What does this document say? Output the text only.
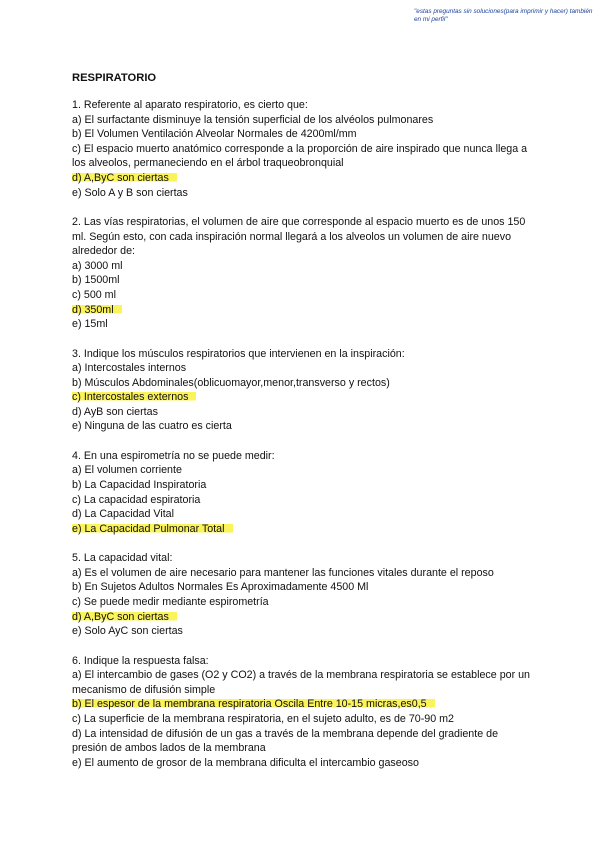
"estas preguntas sin soluciones(para imprimir y hacer) también en mi perfil"
RESPIRATORIO
1. Referente al aparato respiratorio, es cierto que:
a) El surfactante disminuye la tensión superficial de los alvéolos pulmonares
b) El Volumen Ventilación Alveolar Normales de 4200ml/mm
c) El espacio muerto anatómico corresponde a la proporción de aire inspirado que nunca llega a los alveolos, permaneciendo en el árbol traqueobronquial
d) A,ByC son ciertas
e) Solo A y B son ciertas
2. Las vías respiratorias, el volumen de aire que corresponde al espacio muerto es de unos 150 ml. Según esto, con cada inspiración normal llegará a los alveolos un volumen de aire nuevo alrededor de:
a) 3000 ml
b) 1500ml
c) 500 ml
d) 350ml
e) 15ml
3. Indique los músculos respiratorios que intervienen en la inspiración:
a) Intercostales internos
b) Músculos Abdominales(oblicuomayor,menor,transverso y rectos)
c) Intercostales externos
d) AyB son ciertas
e) Ninguna de las cuatro es cierta
4. En una espirometría no se puede medir:
a) El volumen corriente
b) La Capacidad Inspiratoria
c) La capacidad espiratoria
d) La Capacidad Vital
e) La Capacidad Pulmonar Total
5. La capacidad vital:
a) Es el volumen de aire necesario para mantener las funciones vitales durante el reposo
b) En Sujetos Adultos Normales Es Aproximadamente 4500 Ml
c) Se puede medir mediante espirometría
d) A,ByC son ciertas
e) Solo AyC son ciertas
6. Indique la respuesta falsa:
a) El intercambio de gases (O2 y CO2) a través de la membrana respiratoria se establece por un mecanismo de difusión simple
b) El espesor de la membrana respiratoria Oscila Entre 10-15 micras,es0,5
c) La superficie de la membrana respiratoria, en el sujeto adulto, es de 70-90 m2
d) La intensidad de difusión de un gas a través de la membrana depende del gradiente de presión de ambos lados de la membrana
e) El aumento de grosor de la membrana dificulta el intercambio gaseoso
